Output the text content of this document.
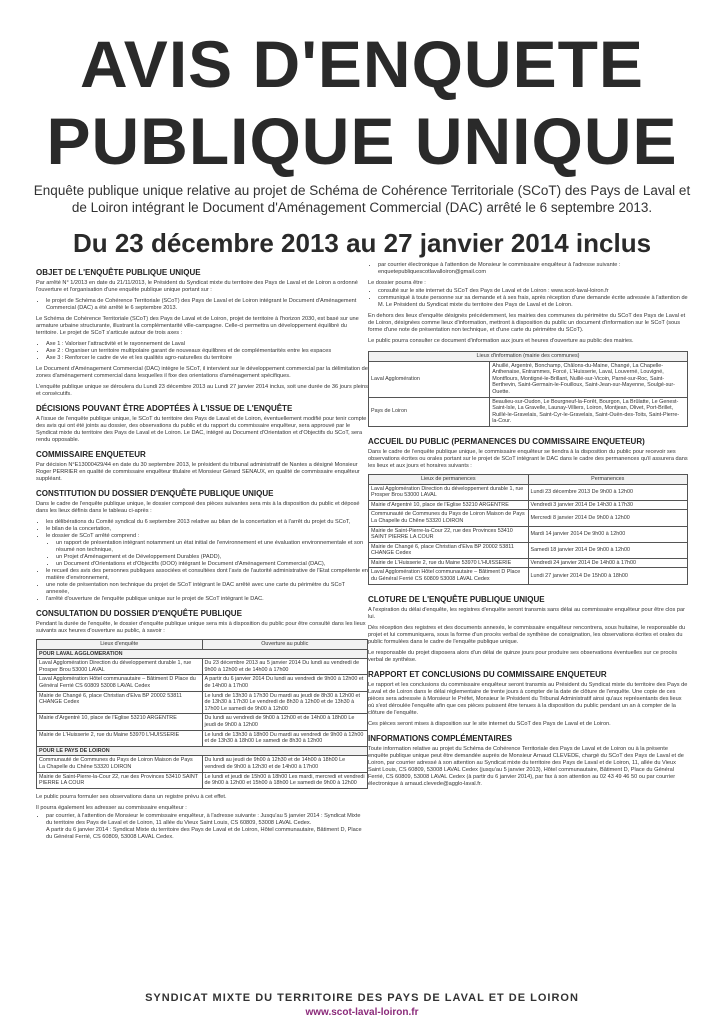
AVIS D'ENQUETE
PUBLIQUE UNIQUE
Enquête publique unique relative au projet de Schéma de Cohérence Territoriale (SCoT) des Pays de Laval et de Loiron intégrant le Document d'Aménagement Commercial (DAC) arrêté le 6 septembre 2013.
Du 23 décembre 2013 au 27 janvier 2014 inclus
OBJET DE L'ENQUÊTE PUBLIQUE UNIQUE

Par arrêté N° 1/2013 en date du 21/11/2013, le Président du Syndicat mixte du territoire des Pays de Laval et de Loiron a ordonné l'ouverture et l'organisation d'une enquête publique unique portant sur :

• le projet de Schéma de Cohérence Territoriale (SCoT) des Pays de Laval et de Loiron intégrant le Document d'Aménagement Commercial (DAC) a été arrêté le 6 septembre 2013.

Le Schéma de Cohérence Territoriale (SCoT) des Pays de Laval et de Loiron, projet de territoire à l'horizon 2030, est basé sur une armature urbaine structurante, illustrant la complémentarité ville-campagne. Celle-ci permettra un développement équilibré du territoire. Le projet de SCoT s'articule autour de trois axes :

• Axe 1 : Valoriser l'attractivité et le rayonnement de Laval
• Axe 2 : Organiser un territoire multipolaire garant de nouveaux équilibres et de complémentarités entre les espaces
• Axe 3 : Renforcer le cadre de vie et les qualités agro-naturelles du territoire

Le Document d'Aménagement Commercial (DAC) intègre le SCoT, il intervient sur le développement commercial par la délimitation de zones d'aménagement commercial dans lesquelles il fixe des orientations d'aménagement spécifiques.

L'enquête publique unique se déroulera du Lundi 23 décembre 2013 au Lundi 27 janvier 2014 inclus, soit une durée de 36 jours pleins et consécutifs.

DÉCISIONS POUVANT ÊTRE ADOPTÉES À L'ISSUE DE L'ENQUÊTE

A l'issue de l'enquête publique unique, le SCoT du territoire des Pays de Laval et de Loiron, éventuellement modifié pour tenir compte des avis qui ont été joints au dossier, des observations du public et du rapport du commissaire enquêteur, sera approuvé par le Syndicat mixte du territoire des Pays de Laval et de Loiron. Le DAC, intégré au Document d'Orientation et d'Objectifs du SCoT, sera rendu opposable.

COMMISSAIRE ENQUETEUR

Par décision N°E13000429/44 en date du 30 septembre 2013, le président du tribunal administratif de Nantes a désigné Monsieur Roger PERRIER en qualité de commissaire enquêteur titulaire et Monsieur Gérard SENAUX, en qualité de commissaire enquêteur suppléant.

CONSTITUTION DU DOSSIER D'ENQUÊTE PUBLIQUE UNIQUE

Dans le cadre de l'enquête publique unique, le dossier composé des pièces suivantes sera mis à la disposition du public et déposé dans les lieux définis dans le tableau ci-après :

• les délibérations du Comité syndical du 6 septembre 2013 relative au bilan de la concertation et à l'arrêt du projet du SCoT,
• le bilan de la concertation,
• le dossier de SCoT arrêté comprend :
• un rapport de présentation intégrant notamment un état initial de l'environnement et une évaluation environnementale et son résumé non technique,
• un Projet d'Aménagement et de Développement Durables (PADD),
• un Document d'Orientations et d'Objectifs (DOO) intégrant le Document d'Aménagement Commercial (DAC),
• le recueil des avis des personnes publiques associées et consultées dont l'avis de l'autorité administrative de l'Etat compétente en matière d'environnement,
• une note de présentation non technique du projet de SCoT intégrant le DAC arrêté avec une carte du périmètre du SCoT annexée,
• l'arrêté d'ouverture de l'enquête publique unique sur le projet de SCoT intégrant le DAC.
CONSULTATION DU DOSSIER D'ENQUÊTE PUBLIQUE

Pendant la durée de l'enquête, le dossier d'enquête publique unique sera mis à disposition du public pour être consulté dans les lieux suivants aux heures d'ouverture au public, à savoir :

Lieux d'enquête	Ouverture au public
POUR LAVAL AGGLOMERATION	
Laval Agglomération Direction du développement durable 1, rue Prosper Brou 53000 LAVAL	Du 23 décembre 2013 au 5 janvier 2014 Du lundi au vendredi de 9h00 à 12h00 et de 14h00 à 17h00
Laval Agglomération Hôtel communautaire – Bâtiment D Place du Général Ferrié CS 60809 53008 LAVAL Cedex	A partir du 6 janvier 2014 Du lundi au vendredi de 9h00 à 12h00 et de 14h00 à 17h00
Mairie de Changé 6, place Christian d'Elva BP 20002 53811 CHANGE Cedex	Le lundi de 13h30 à 17h30 Du mardi au jeudi de 8h30 à 12h00 et de 13h30 à 17h30 Le vendredi de 8h30 à 12h00 et de 13h30 à 17h00 Le samedi de 9h00 à 12h00
Mairie d'Argentré 10, place de l'Eglise 53210 ARGENTRE	Du lundi au vendredi de 9h00 à 12h00 et de 14h00 à 18h00 Le jeudi de 9h00 à 12h00
Mairie de L'Huisserie 2, rue du Maine 53970 L'HUISSERIE	Le lundi de 13h30 à 18h00 Du mardi au vendredi de 9h00 à 12h00 et de 13h30 à 18h00 Le samedi de 8h30 à 12h00
POUR LE PAYS DE LOIRON	
Communauté de Communes du Pays de Loiron Maison de Pays La Chapelle du Chêne 53320 LOIRON	Du lundi au jeudi de 9h00 à 12h30 et de 14h00 à 18h00 Le vendredi de 9h00 à 12h30 et de 14h00 à 17h00
Mairie de Saint-Pierre-la-Cour 22, rue des Provinces 53410 SAINT PIERRE LA COUR	Le lundi et jeudi de 15h00 à 18h00 Les mardi, mercredi et vendredi de 9h00 à 12h00 et 15h00 à 18h00 Le samedi de 9h00 à 12h00

Le public pourra formuler ses observations dans un registre prévu à cet effet.

Il pourra également les adresser au commissaire enquêteur :

• par courrier, à l'attention de Monsieur le commissaire enquêteur, à l'adresse suivante : Jusqu'au 5 janvier 2014 : Syndicat Mixte du territoire des Pays de Laval et de Loiron, 11 allée du Vieux Saint Louis, CS 60809, 53008 LAVAL Cedex.
A partir du 6 janvier 2014 : Syndicat Mixte du territoire des Pays de Laval et de Loiron, Hôtel communautaire, Bâtiment D, Place du Général Ferrié, CS 60809, 53008 LAVAL Cedex.
• par courrier électronique à l'attention de Monsieur le commissaire enquêteur à l'adresse suivante : enquetepubliquescotlavalloiron@gmail.com

Le dossier pourra être :

• consulté sur le site internet du SCoT des Pays de Laval et de Loiron : www.scot-laval-loiron.fr
• communiqué à toute personne sur sa demande et à ses frais, après réception d'une demande écrite adressée à l'attention de M. Le Président du Syndicat mixte du territoire des Pays de Laval et de Loiron.

En dehors des lieux d'enquête désignés précédemment, les mairies des communes du périmètre du SCoT des Pays de Laval et de Loiron, désignées comme lieux d'information, mettront à disposition du public un document d'information sur le SCoT (sous forme d'une note de présentation non technique, et d'une carte du périmètre du SCoT).

Le public pourra consulter ce document d'information aux jours et heures d'ouverture au public des mairies.

Lieux d'information (mairie des communes)	
Laval Agglomération	Ahuillé, Argentré, Bonchamp, Châlons-du-Maine, Changé, La Chapelle-Anthenaise, Entrammes, Forcé, L'Huisserie, Laval, Louverné, Louvigné, Montflours, Montigné-le-Brillant, Nuillé-sur-Vicoin, Parné-sur-Roc, Saint-Berthevin, Saint-Germain-le-Fouilloux, Saint-Jean-sur-Mayenne, Soulgé-sur-Ouette.
Pays de Loiron	Beaulieu-sur-Oudon, Le Bourgneuf-la-Forêt, Bourgon, La Brûlatte, Le Genest-Saint-Isle, La Gravelle, Launay-Villiers, Loiron, Montjean, Olivet, Port-Brillet, Ruillé-le-Gravelais, Saint-Cyr-le-Gravelais, Saint-Ouën-des-Toits, Saint-Pierre-la-Cour.
ACCUEIL DU PUBLIC (PERMANENCES DU COMMISSAIRE ENQUETEUR)

Dans le cadre de l'enquête publique unique, le commissaire enquêteur se tiendra à la disposition du public pour recevoir ses observations écrites ou orales portant sur le projet de SCoT intégrant le DAC dans le cadre des permanences qu'il assurera dans les lieux et aux jours et horaires suivants :

Lieux de permanences	Permanences
Laval Agglomération Direction du développement durable 1, rue Prosper Brou 53000 LAVAL	Lundi 23 décembre 2013 De 9h00 à 12h00
Mairie d'Argentré 10, place de l'Eglise 53210 ARGENTRE	Vendredi 3 janvier 2014 De 14h30 à 17h30
Communauté de Communes du Pays de Loiron Maison de Pays La Chapelle du Chêne 53320 LOIRON	Mercredi 8 janvier 2014 De 9h00 à 12h00
Mairie de Saint-Pierre-la-Cour 22, rue des Provinces 53410 SAINT PIERRE LA COUR	Mardi 14 janvier 2014 De 9h00 à 12h00
Mairie de Changé 6, place Christian d'Elva BP 20002 53811 CHANGE Cedex	Samedi 18 janvier 2014 De 9h00 à 12h00
Mairie de L'Huisserie 2, rue du Maine 53970 L'HUISSERIE	Vendredi 24 janvier 2014 De 14h00 à 17h00
Laval Agglomération Hôtel communautaire – Bâtiment D Place du Général Ferrié CS 60809 53008 LAVAL Cedex	Lundi 27 janvier 2014 De 15h00 à 18h00
CLOTURE DE L'ENQUÊTE PUBLIQUE UNIQUE

A l'expiration du délai d'enquête, les registres d'enquête seront transmis sans délai au commissaire enquêteur pour être clos par lui.

Dès réception des registres et des documents annexés, le commissaire enquêteur rencontrera, sous huitaine, le responsable du projet et lui communiquera, sous la forme d'un procès verbal de synthèse de consignation, les observations écrites et orales du public formulées dans le cadre de l'enquête publique unique.

Le responsable du projet disposera alors d'un délai de quinze jours pour produire ses observations éventuelles sur ce procès verbal de synthèse.

RAPPORT ET CONCLUSIONS DU COMMISSAIRE ENQUETEUR

Le rapport et les conclusions du commissaire enquêteur seront transmis au Président du Syndicat mixte du territoire des Pays de Laval et de Loiron dans le délai réglementaire de trente jours à compter de la date de clôture de l'enquête. Une copie de ces pièces sera adressée à Monsieur le Préfet, Monsieur le Président du Tribunal Administratif ainsi qu'aux représentants des lieux où s'est déroulée l'enquête afin que ces pièces puissent être tenues à la disposition du public pendant un an à compter de la clôture de l'enquête.

Ces pièces seront mises à disposition sur le site internet du SCoT des Pays de Laval et de Loiron.

INFORMATIONS COMPLÉMENTAIRES

Toute information relative au projet du Schéma de Cohérence Territoriale des Pays de Laval et de Loiron ou à la présente enquête publique unique peut être demandée auprès de Monsieur Arnaud CLEVEDE, chargé du SCoT des Pays de Laval et de Loiron, par courrier adressé à son attention au Syndicat mixte du territoire des Pays de Laval et de Loiron, 11, allée du Vieux Saint Louis, CS 60809, 53008 LAVAL Cedex (jusqu'au 5 janvier 2013), Hôtel communautaire, Bâtiment D, Place du Général Ferrié, CS 60809, 53008 LAVAL Cedex (à partir du 6 janvier 2014), par fax à son attention au 02 43 49 46 50 ou par courrier électronique à arnaud.clevede@agglo-laval.fr.

SYNDICAT MIXTE DU TERRITOIRE DES PAYS DE LAVAL ET DE LOIRON
www.scot-laval-loiron.fr
